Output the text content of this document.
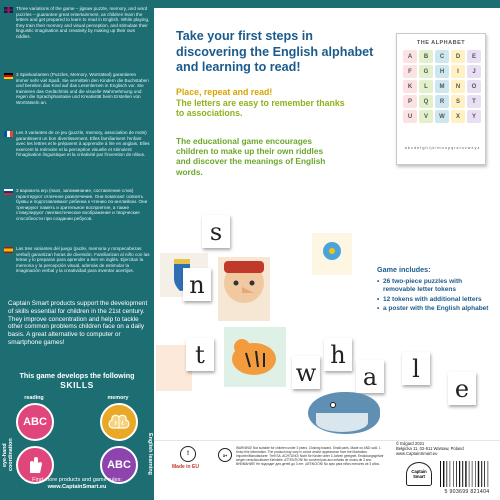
Three variations of the game – jigsaw puzzle, memory, and word puzzles – guarantee great entertainment, as children learn the letters and get prepared to learn to read in English. While playing, they train their memory and visual perception, and stimulate their linguistic imagination and creativity by making up their own riddles.
3 Spielvarianten (Puzzles, Memory, Worträtsel) garantieren immer sehr viel Spaß. Sie vermitteln den Kindern die Buchstaben und bereiten das Kind auf das Lesenlernen in Englisch vor. Sie trainieren das Gedächtnis und die visuelle Wahrnehmung und regen die Sprachphantasie und Kreativität beim Erstellen von Worträtseln an.
Les 3 variantes de ce jeu (puzzle, memory, association de mots) garantissent un bon divertissement. Elles familiarisent l'enfant avec les lettres et le préparent à apprendre à lire en anglais. Elles exercent la mémoire et la perception visuelle et stimulent l'imagination linguistique et la créativité par l'invention de rébus.
3 варианта игр (пазл, запоминание, составление слов) гарантируют отличное развлечение. Они помогают освоить буквы и подготавливают ребенка к чтению по-английски. Они тренируют память и зрительное восприятие, а также стимулируют лингвистическое воображение и творческие способности при создании ребусов.
Las tres variantes del juego (puzle, memoria y rompecabezas verbal) garantizan horas de diversión. Familiarizan al niño con las letras y lo preparan para aprender a leer en inglés. Ejercitan la memoria y la percepción visual, además de estimular la imaginación verbal y la creatividad para inventar acertijos.
Captain Smart products support the development of skills essential for children in the 21st century. They improve concentration and help to tackle other common problems children face on a daily basis. A great alternative to computer or smartphone games!
This game develops the following
SKILLS
reading
ABC
memory
eye-hand coordination	ABC	English learning
Find more products and game rules:
www.CaptainSmart.eu
Take your first steps in discovering the English alphabet and learning to read!
Place, repeat and read!
The letters are easy to remember thanks to associations.
The educational game encourages children to make up their own riddles and discover the meanings of English words.
THE ALPHABET
A	B	C	D	E
F	G	H	I	J
K	L	M	N	O
P	Q	R	S	T
U	V	W	X	Y
a b c d e f g h i j k l m n o p q r s t u v w x y z
s
n
t
w
h
a	l
e
Game includes:
• 26 two-piece puzzles with removable letter tokens
• 12 tokens with additional letters
• a poster with the English alphabet
!	3+
Made in EU
WARNING! Not suitable for children under 3 years. Choking hazard. Small parts. Made on AND sold. 1 Keep this information. The product may vary in colour and/or appearance from the illustration. Importer/Manufacturer: Trefl SA. ACHTUNG! Nicht für Kinder unter 3 Jahren geeignet. Erstickungsgefahr wegen verschluckbarer Kleinteile. ATTENTION! Ne convient pas aux enfants de moins de 3 ans. ВНИМАНИЕ! Не подходит для детей до 3 лет. ¡ATENCIÓN! No apto para niños menores de 3 años.
© Edgard 2021
Bełgicka 11, 02-511 Warsaw, Poland
www.CaptainSmart.eu
Captain Smart
5 903699 821404
